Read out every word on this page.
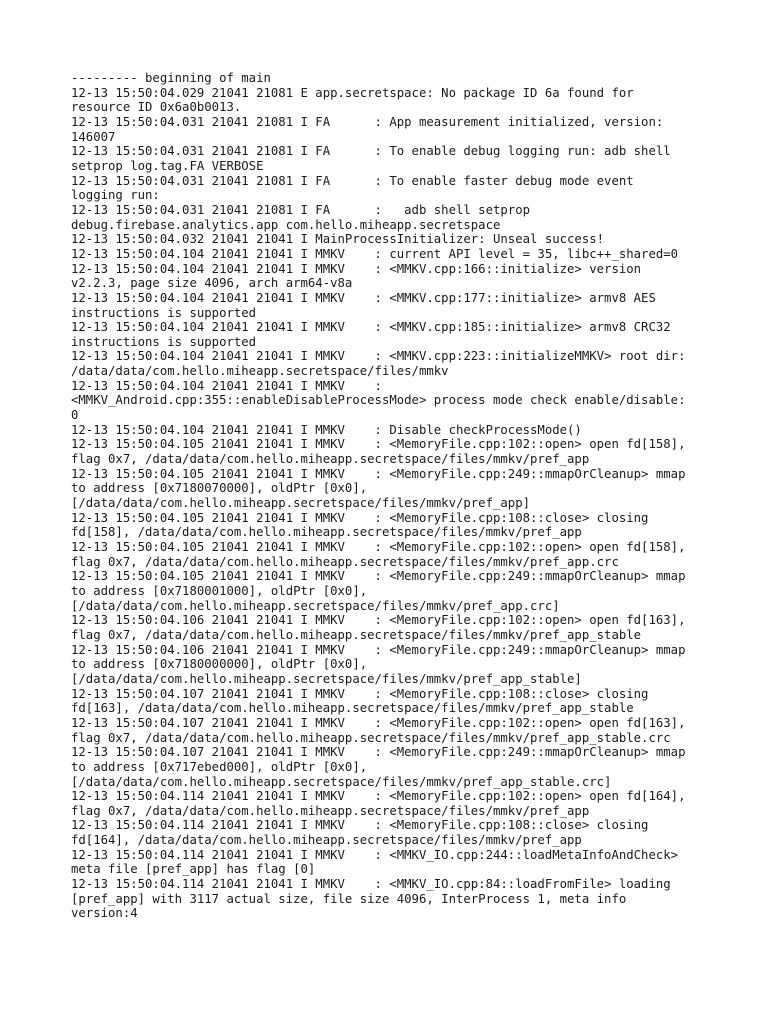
--------- beginning of main
12-13 15:50:04.029 21041 21081 E app.secretspace: No package ID 6a found for
resource ID 0x6a0b0013.
12-13 15:50:04.031 21041 21081 I FA      : App measurement initialized, version:
146007
12-13 15:50:04.031 21041 21081 I FA      : To enable debug logging run: adb shell
setprop log.tag.FA VERBOSE
12-13 15:50:04.031 21041 21081 I FA      : To enable faster debug mode event
logging run:
12-13 15:50:04.031 21041 21081 I FA      :   adb shell setprop
debug.firebase.analytics.app com.hello.miheapp.secretspace
12-13 15:50:04.032 21041 21041 I MainProcessInitializer: Unseal success!
12-13 15:50:04.104 21041 21041 I MMKV    : current API level = 35, libc++_shared=0
12-13 15:50:04.104 21041 21041 I MMKV    : <MMKV.cpp:166::initialize> version
v2.2.3, page size 4096, arch arm64-v8a
12-13 15:50:04.104 21041 21041 I MMKV    : <MMKV.cpp:177::initialize> armv8 AES
instructions is supported
12-13 15:50:04.104 21041 21041 I MMKV    : <MMKV.cpp:185::initialize> armv8 CRC32
instructions is supported
12-13 15:50:04.104 21041 21041 I MMKV    : <MMKV.cpp:223::initializeMMKV> root dir:
/data/data/com.hello.miheapp.secretspace/files/mmkv
12-13 15:50:04.104 21041 21041 I MMKV    :
<MMKV_Android.cpp:355::enableDisableProcessMode> process mode check enable/disable:
0
12-13 15:50:04.104 21041 21041 I MMKV    : Disable checkProcessMode()
12-13 15:50:04.105 21041 21041 I MMKV    : <MemoryFile.cpp:102::open> open fd[158],
flag 0x7, /data/data/com.hello.miheapp.secretspace/files/mmkv/pref_app
12-13 15:50:04.105 21041 21041 I MMKV    : <MemoryFile.cpp:249::mmapOrCleanup> mmap
to address [0x7180070000], oldPtr [0x0],
[/data/data/com.hello.miheapp.secretspace/files/mmkv/pref_app]
12-13 15:50:04.105 21041 21041 I MMKV    : <MemoryFile.cpp:108::close> closing
fd[158], /data/data/com.hello.miheapp.secretspace/files/mmkv/pref_app
12-13 15:50:04.105 21041 21041 I MMKV    : <MemoryFile.cpp:102::open> open fd[158],
flag 0x7, /data/data/com.hello.miheapp.secretspace/files/mmkv/pref_app.crc
12-13 15:50:04.105 21041 21041 I MMKV    : <MemoryFile.cpp:249::mmapOrCleanup> mmap
to address [0x7180001000], oldPtr [0x0],
[/data/data/com.hello.miheapp.secretspace/files/mmkv/pref_app.crc]
12-13 15:50:04.106 21041 21041 I MMKV    : <MemoryFile.cpp:102::open> open fd[163],
flag 0x7, /data/data/com.hello.miheapp.secretspace/files/mmkv/pref_app_stable
12-13 15:50:04.106 21041 21041 I MMKV    : <MemoryFile.cpp:249::mmapOrCleanup> mmap
to address [0x7180000000], oldPtr [0x0],
[/data/data/com.hello.miheapp.secretspace/files/mmkv/pref_app_stable]
12-13 15:50:04.107 21041 21041 I MMKV    : <MemoryFile.cpp:108::close> closing
fd[163], /data/data/com.hello.miheapp.secretspace/files/mmkv/pref_app_stable
12-13 15:50:04.107 21041 21041 I MMKV    : <MemoryFile.cpp:102::open> open fd[163],
flag 0x7, /data/data/com.hello.miheapp.secretspace/files/mmkv/pref_app_stable.crc
12-13 15:50:04.107 21041 21041 I MMKV    : <MemoryFile.cpp:249::mmapOrCleanup> mmap
to address [0x717ebed000], oldPtr [0x0],
[/data/data/com.hello.miheapp.secretspace/files/mmkv/pref_app_stable.crc]
12-13 15:50:04.114 21041 21041 I MMKV    : <MemoryFile.cpp:102::open> open fd[164],
flag 0x7, /data/data/com.hello.miheapp.secretspace/files/mmkv/pref_app
12-13 15:50:04.114 21041 21041 I MMKV    : <MemoryFile.cpp:108::close> closing
fd[164], /data/data/com.hello.miheapp.secretspace/files/mmkv/pref_app
12-13 15:50:04.114 21041 21041 I MMKV    : <MMKV_IO.cpp:244::loadMetaInfoAndCheck>
meta file [pref_app] has flag [0]
12-13 15:50:04.114 21041 21041 I MMKV    : <MMKV_IO.cpp:84::loadFromFile> loading
[pref_app] with 3117 actual size, file size 4096, InterProcess 1, meta info
version:4
